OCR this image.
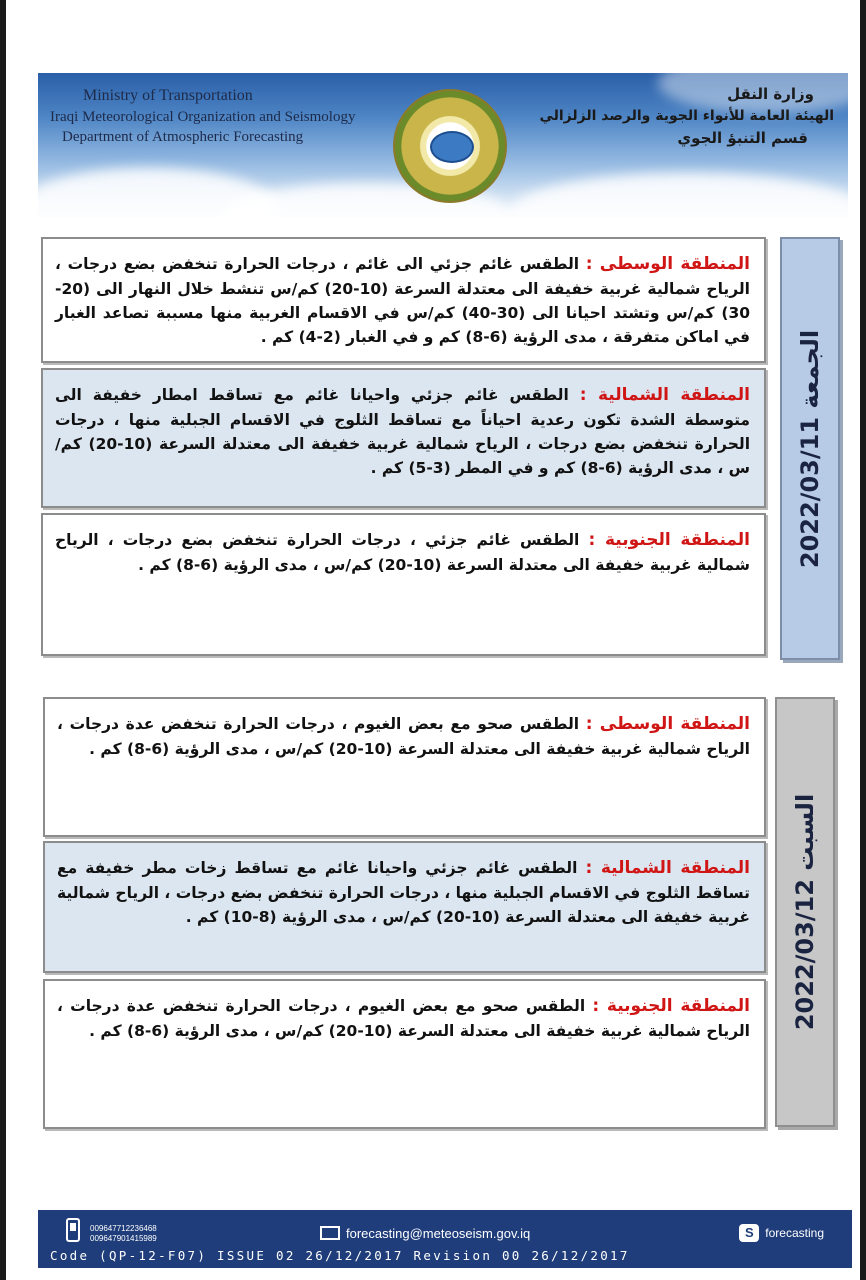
Ministry of Transportation
Iraqi Meteorological Organization and Seismology
Department of Atmospheric Forecasting
وزارة النقل
الهيئة العامة للأنواء الجوية والرصد الزلزالي
قسم التنبؤ الجوي
الجمعة 2022/03/11
المنطقة الوسطى : الطقس غائم جزئي الى غائم ، درجات الحرارة تنخفض بضع درجات ، الرياح شمالية غربية خفيفة الى معتدلة السرعة (10-20) كم/س تنشط خلال النهار الى (20-30) كم/س وتشتد احيانا الى (30-40) كم/س في الاقسام الغربية منها مسببة تصاعد الغبار في اماكن متفرقة ، مدى الرؤية (6-8) كم و في الغبار (2-4) كم .
المنطقة الشمالية : الطقس غائم جزئي واحيانا غائم مع تساقط امطار خفيفة الى متوسطة الشدة تكون رعدية احياناً مع تساقط الثلوج في الاقسام الجبلية منها ، درجات الحرارة تنخفض بضع درجات ، الرياح شمالية غربية خفيفة الى معتدلة السرعة (10-20) كم/س ، مدى الرؤية (6-8) كم و في المطر (3-5) كم .
المنطقة الجنوبية : الطقس غائم جزئي ، درجات الحرارة تنخفض بضع درجات ، الرياح شمالية غربية خفيفة الى معتدلة السرعة (10-20) كم/س ، مدى الرؤية (6-8) كم .
السبت 2022/03/12
المنطقة الوسطى : الطقس صحو مع بعض الغيوم ، درجات الحرارة تنخفض عدة درجات ، الرياح شمالية غربية خفيفة الى معتدلة السرعة (10-20) كم/س ، مدى الرؤية (6-8) كم .
المنطقة الشمالية : الطقس غائم جزئي واحيانا غائم مع تساقط زخات مطر خفيفة مع تساقط الثلوج في الاقسام الجبلية منها ، درجات الحرارة تنخفض بضع درجات ، الرياح شمالية غربية خفيفة الى معتدلة السرعة (10-20) كم/س ، مدى الرؤية (8-10) كم .
المنطقة الجنوبية : الطقس صحو مع بعض الغيوم ، درجات الحرارة تنخفض عدة درجات ، الرياح شمالية غربية خفيفة الى معتدلة السرعة (10-20) كم/س ، مدى الرؤية (6-8) كم .
009647712236468
009647901415989	forecasting@meteoseism.gov.iq	S forecasting
Code (QP-12-F07) ISSUE 02 26/12/2017 Revision 00 26/12/2017
